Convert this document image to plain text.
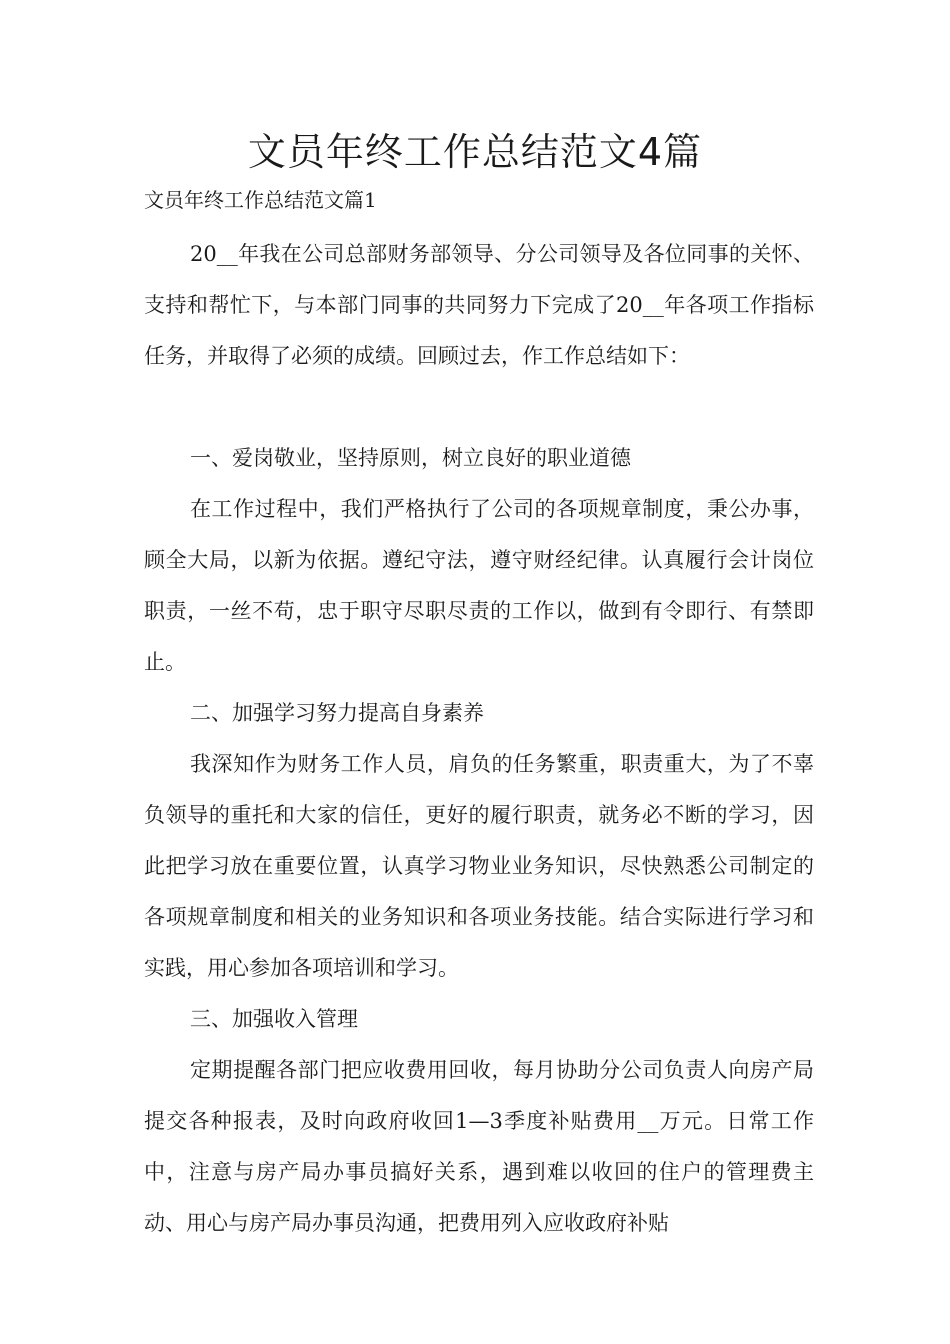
文员年终工作总结范文4篇

文员年终工作总结范文篇1

20__年我在公司总部财务部领导、分公司领导及各位同事的关怀、支持和帮忙下，与本部门同事的共同努力下完成了20__年各项工作指标任务，并取得了必须的成绩。回顾过去，作工作总结如下：

一、爱岗敬业，坚持原则，树立良好的职业道德

在工作过程中，我们严格执行了公司的各项规章制度，秉公办事，顾全大局，以新为依据。遵纪守法，遵守财经纪律。认真履行会计岗位职责，一丝不苟，忠于职守尽职尽责的工作以，做到有令即行、有禁即止。

二、加强学习努力提高自身素养

我深知作为财务工作人员，肩负的任务繁重，职责重大，为了不辜负领导的重托和大家的信任，更好的履行职责，就务必不断的学习，因此把学习放在重要位置，认真学习物业业务知识，尽快熟悉公司制定的各项规章制度和相关的业务知识和各项业务技能。结合实际进行学习和实践，用心参加各项培训和学习。

三、加强收入管理

定期提醒各部门把应收费用回收，每月协助分公司负责人向房产局提交各种报表，及时向政府收回1—3季度补贴费用__万元。日常工作中，注意与房产局办事员搞好关系，遇到难以收回的住户的管理费主动、用心与房产局办事员沟通，把费用列入应收政府补贴
